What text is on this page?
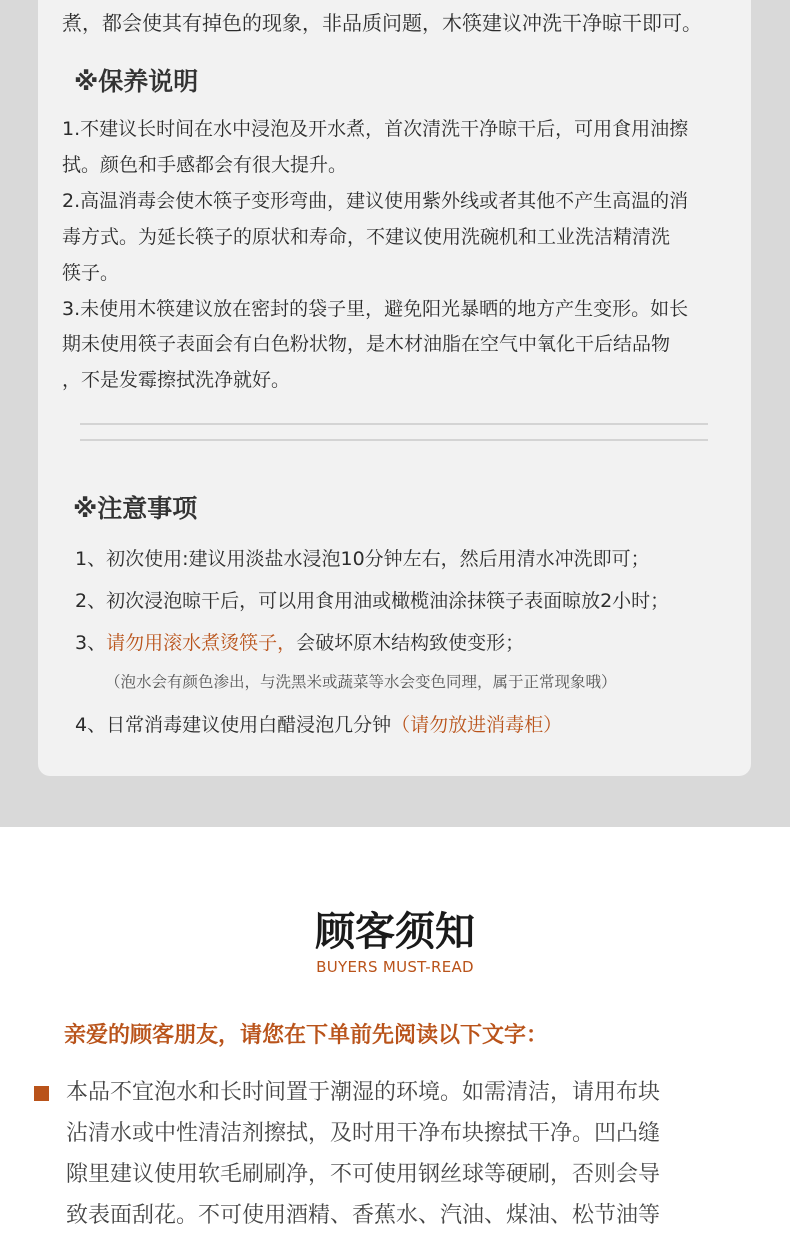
煮，都会使其有掉色的现象，非品质问题，木筷建议冲洗干净晾干即可。

※保养说明

1.不建议长时间在水中浸泡及开水煮，首次清洗干净晾干后，可用食用油擦

拭。颜色和手感都会有很大提升。

2.高温消毒会使木筷子变形弯曲，建议使用紫外线或者其他不产生高温的消

毒方式。为延长筷子的原状和寿命，不建议使用洗碗机和工业洗洁精清洗

筷子。

3.未使用木筷建议放在密封的袋子里，避免阳光暴晒的地方产生变形。如长

期未使用筷子表面会有白色粉状物，是木材油脂在空气中氧化干后结品物

，不是发霉擦拭洗净就好。

※注意事项

1、初次使用:建议用淡盐水浸泡10分钟左右，然后用清水冲洗即可；

2、初次浸泡晾干后，可以用食用油或橄榄油涂抹筷子表面晾放2小时；

3、请勿用滚水煮烫筷子，会破坏原木结构致使变形；

（泡水会有颜色渗出，与洗黑米或蔬菜等水会变色同理，属于正常现象哦）

4、日常消毒建议使用白醋浸泡几分钟（请勿放进消毒柜）

顾客须知

BUYERS MUST-READ

亲爱的顾客朋友，请您在下单前先阅读以下文字：

本品不宜泡水和长时间置于潮湿的环境。如需清洁，请用布块

沾清水或中性清洁剂擦拭，及时用干净布块擦拭干净。凹凸缝

隙里建议使用软毛刷刷净，不可使用钢丝球等硬刷，否则会导

致表面刮花。不可使用酒精、香蕉水、汽油、煤油、松节油等
